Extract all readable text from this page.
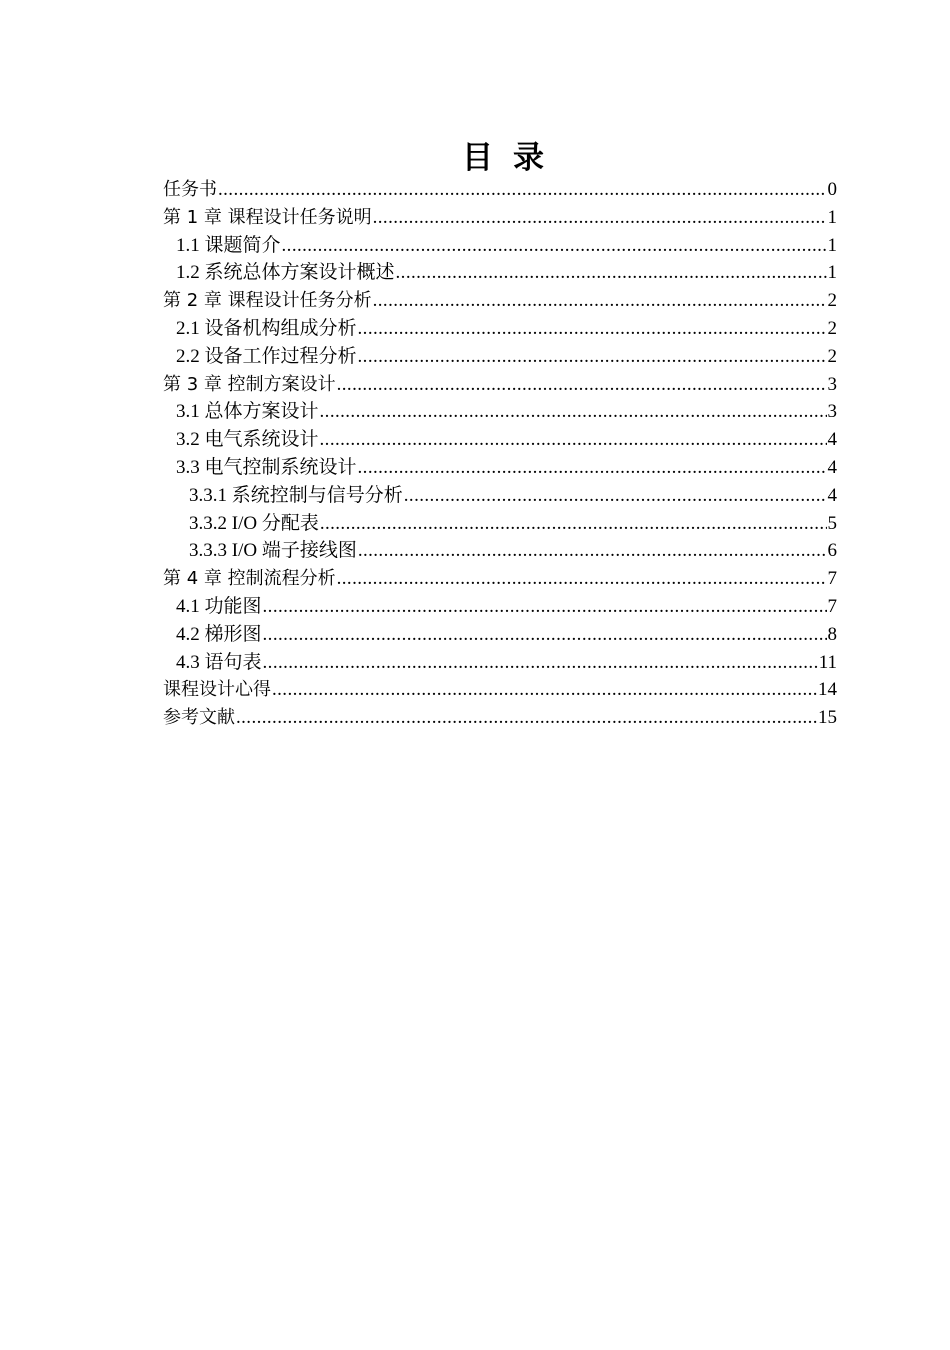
目 录
任务书 .....	0
第 1 章 课程设计任务说明 .....	1
1.1 课题简介 .....	1
1.2 系统总体方案设计概述 .....	1
第 2 章 课程设计任务分析 .....	2
2.1 设备机构组成分析 .....	2
2.2 设备工作过程分析 .....	2
第 3 章 控制方案设计 .....	3
3.1 总体方案设计 .....	3
3.2 电气系统设计 .....	4
3.3 电气控制系统设计 .....	4
3.3.1 系统控制与信号分析 .....	4
3.3.2 I/O 分配表 .....	5
3.3.3 I/O 端子接线图 .....	6
第 4 章 控制流程分析 .....	7
4.1 功能图 .....	7
4.2 梯形图 .....	8
4.3 语句表 .....	11
课程设计心得 .....	14
参考文献 .....	15
